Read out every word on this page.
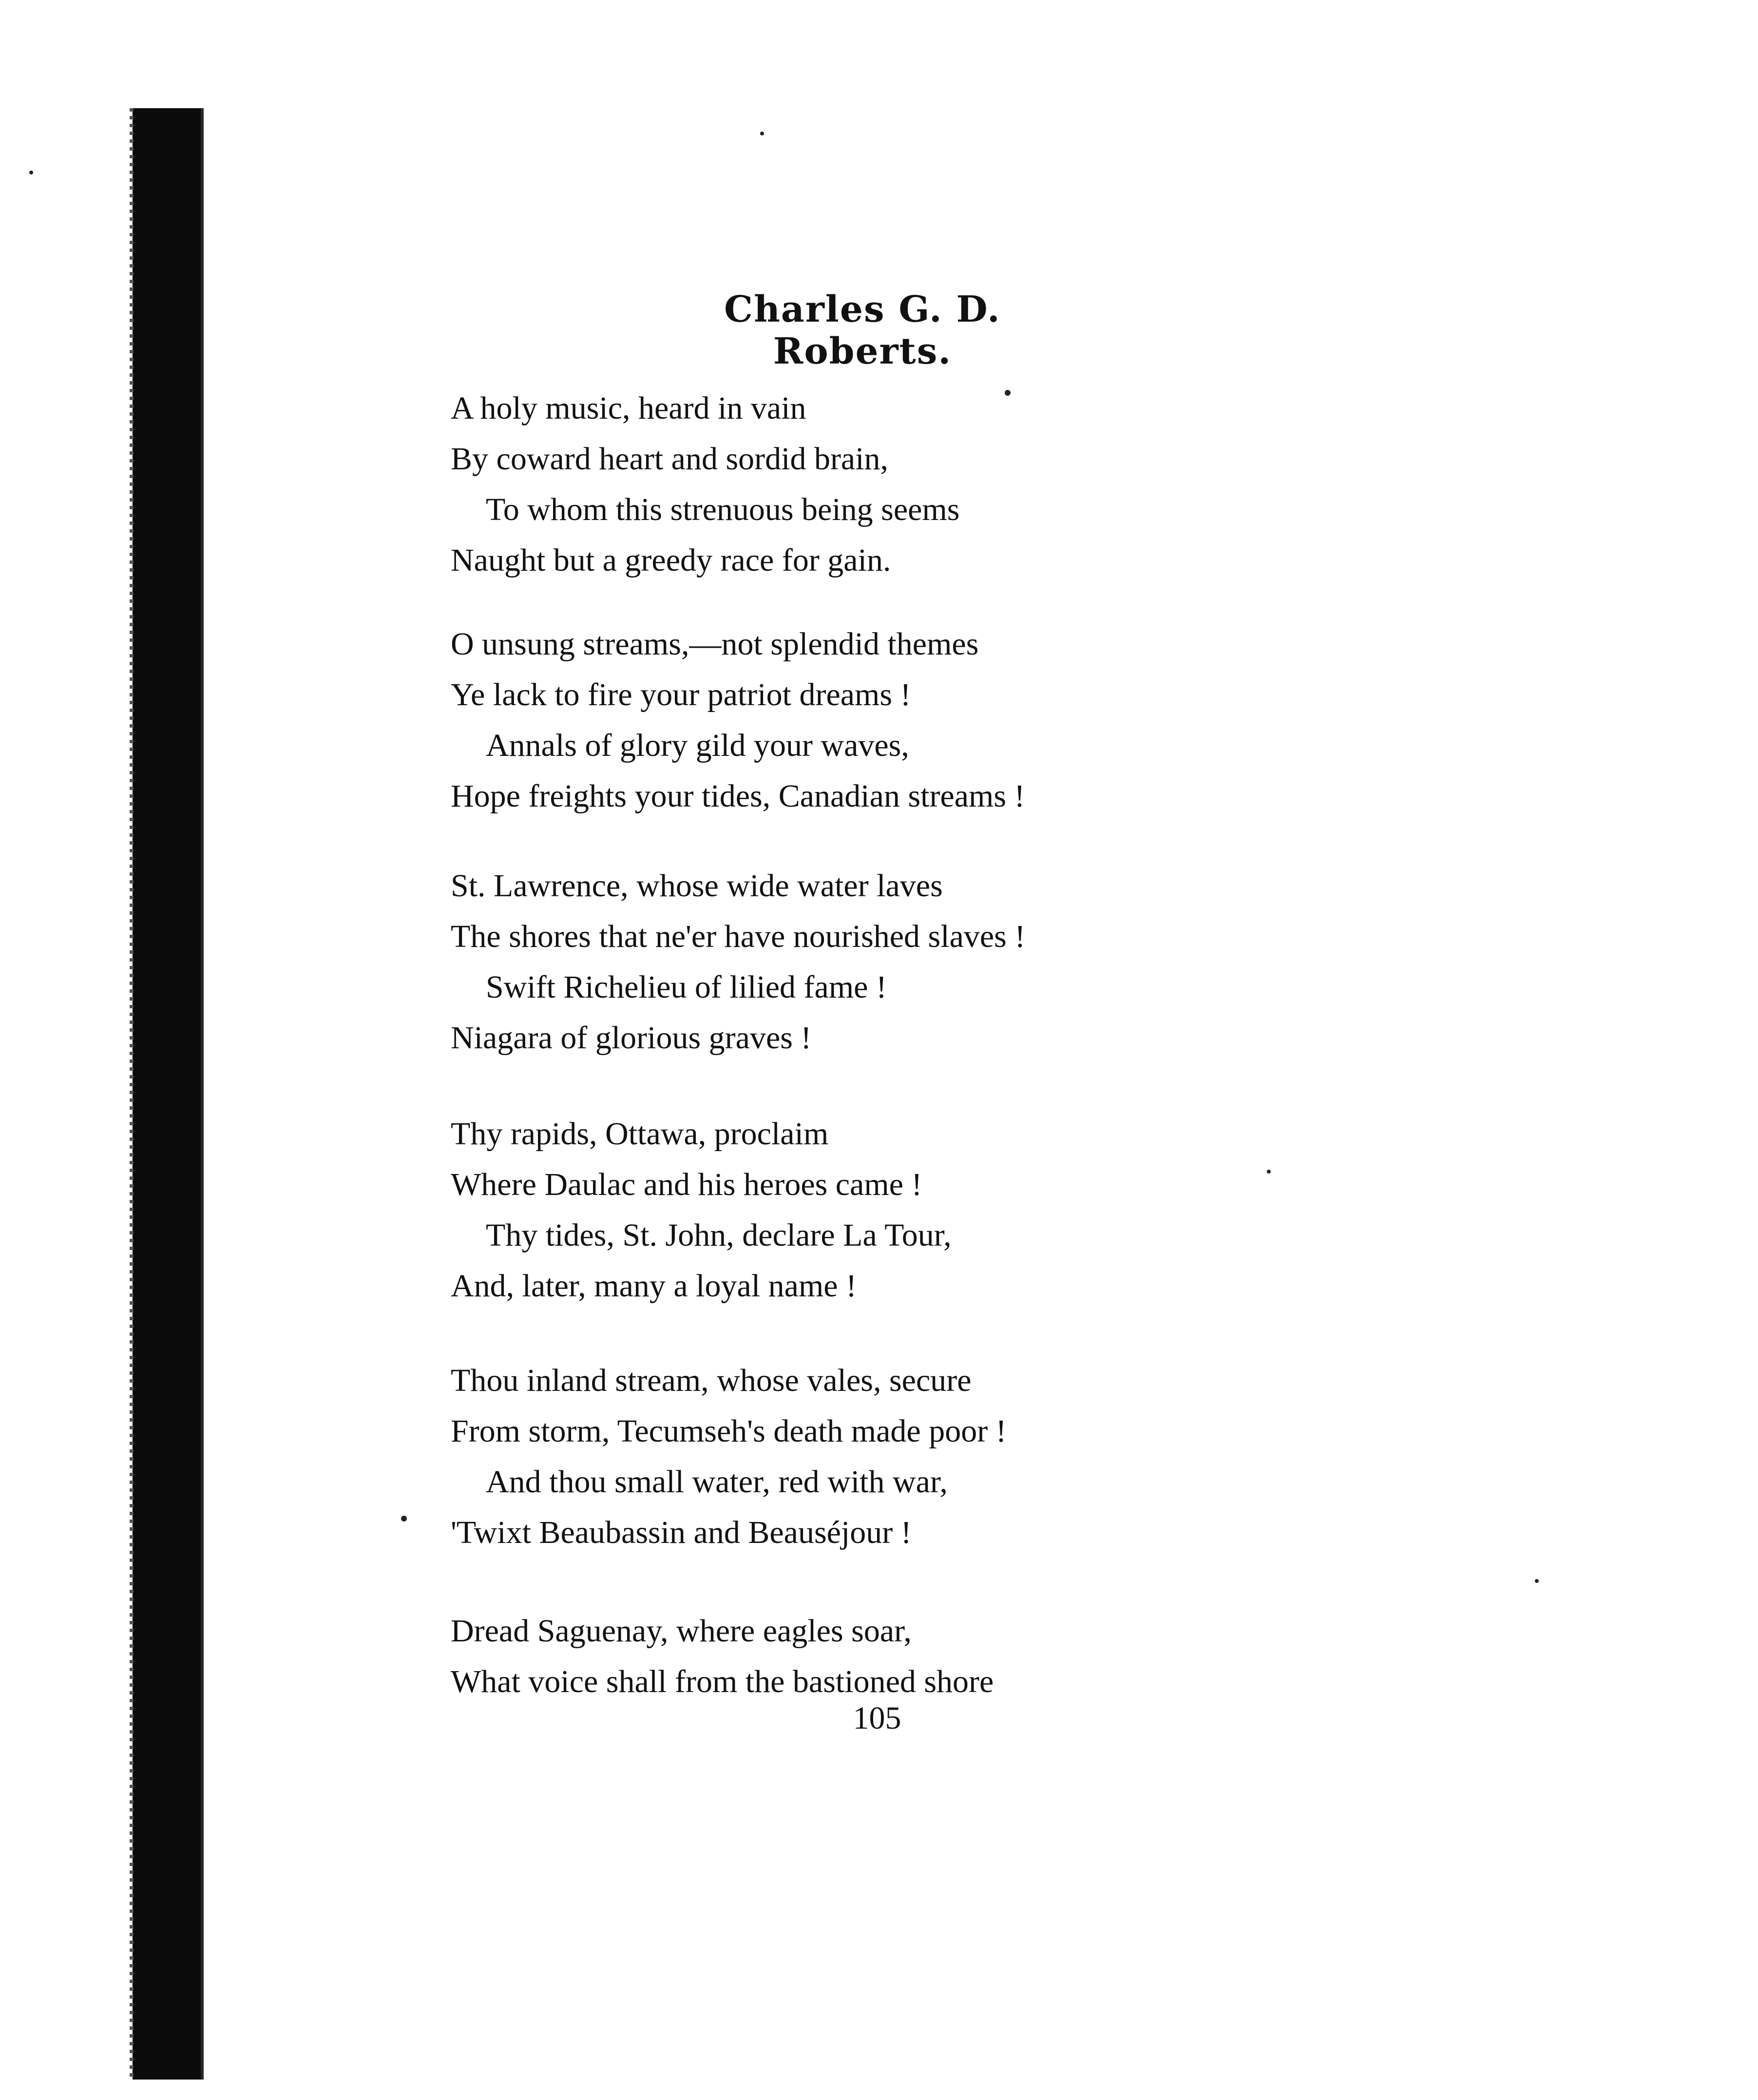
Charles G. D. Roberts.
A holy music, heard in vain
By coward heart and sordid brain,
To whom this strenuous being seems
Naught but a greedy race for gain.
O unsung streams,—not splendid themes
Ye lack to fire your patriot dreams !
Annals of glory gild your waves,
Hope freights your tides, Canadian streams !
St. Lawrence, whose wide water laves
The shores that ne'er have nourished slaves !
Swift Richelieu of lilied fame !
Niagara of glorious graves !
Thy rapids, Ottawa, proclaim
Where Daulac and his heroes came !
Thy tides, St. John, declare La Tour,
And, later, many a loyal name !
Thou inland stream, whose vales, secure
From storm, Tecumseh's death made poor !
And thou small water, red with war,
'Twixt Beaubassin and Beauséjour !
Dread Saguenay, where eagles soar,
What voice shall from the bastioned shore
105
